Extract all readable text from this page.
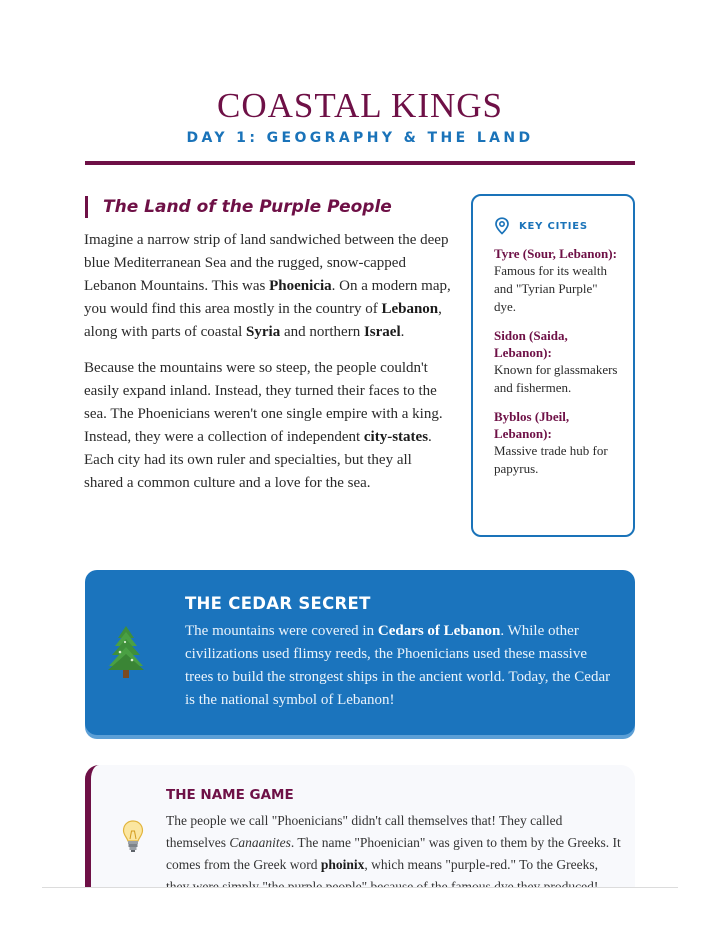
COASTAL KINGS
DAY 1: GEOGRAPHY & THE LAND
The Land of the Purple People

Imagine a narrow strip of land sandwiched between the deep blue Mediterranean Sea and the rugged, snow-capped Lebanon Mountains. This was Phoenicia. On a modern map, you would find this area mostly in the country of Lebanon, along with parts of coastal Syria and northern Israel.

Because the mountains were so steep, the people couldn't easily expand inland. Instead, they turned their faces to the sea. The Phoenicians weren't one single empire with a king. Instead, they were a collection of independent city-states. Each city had its own ruler and specialties, but they all shared a common culture and a love for the sea.

KEY CITIES
Tyre (Sour, Lebanon):
Famous for its wealth and "Tyrian Purple" dye.
Sidon (Saida, Lebanon):
Known for glassmakers and fishermen.
Byblos (Jbeil, Lebanon):
Massive trade hub for papyrus.
THE CEDAR SECRET
The mountains were covered in Cedars of Lebanon. While other civilizations used flimsy reeds, the Phoenicians used these massive trees to build the strongest ships in the ancient world. Today, the Cedar is the national symbol of Lebanon!
THE NAME GAME
The people we call "Phoenicians" didn't call themselves that! They called themselves Canaanites. The name "Phoenician" was given to them by the Greeks. It comes from the Greek word phoinix, which means "purple-red." To the Greeks,
